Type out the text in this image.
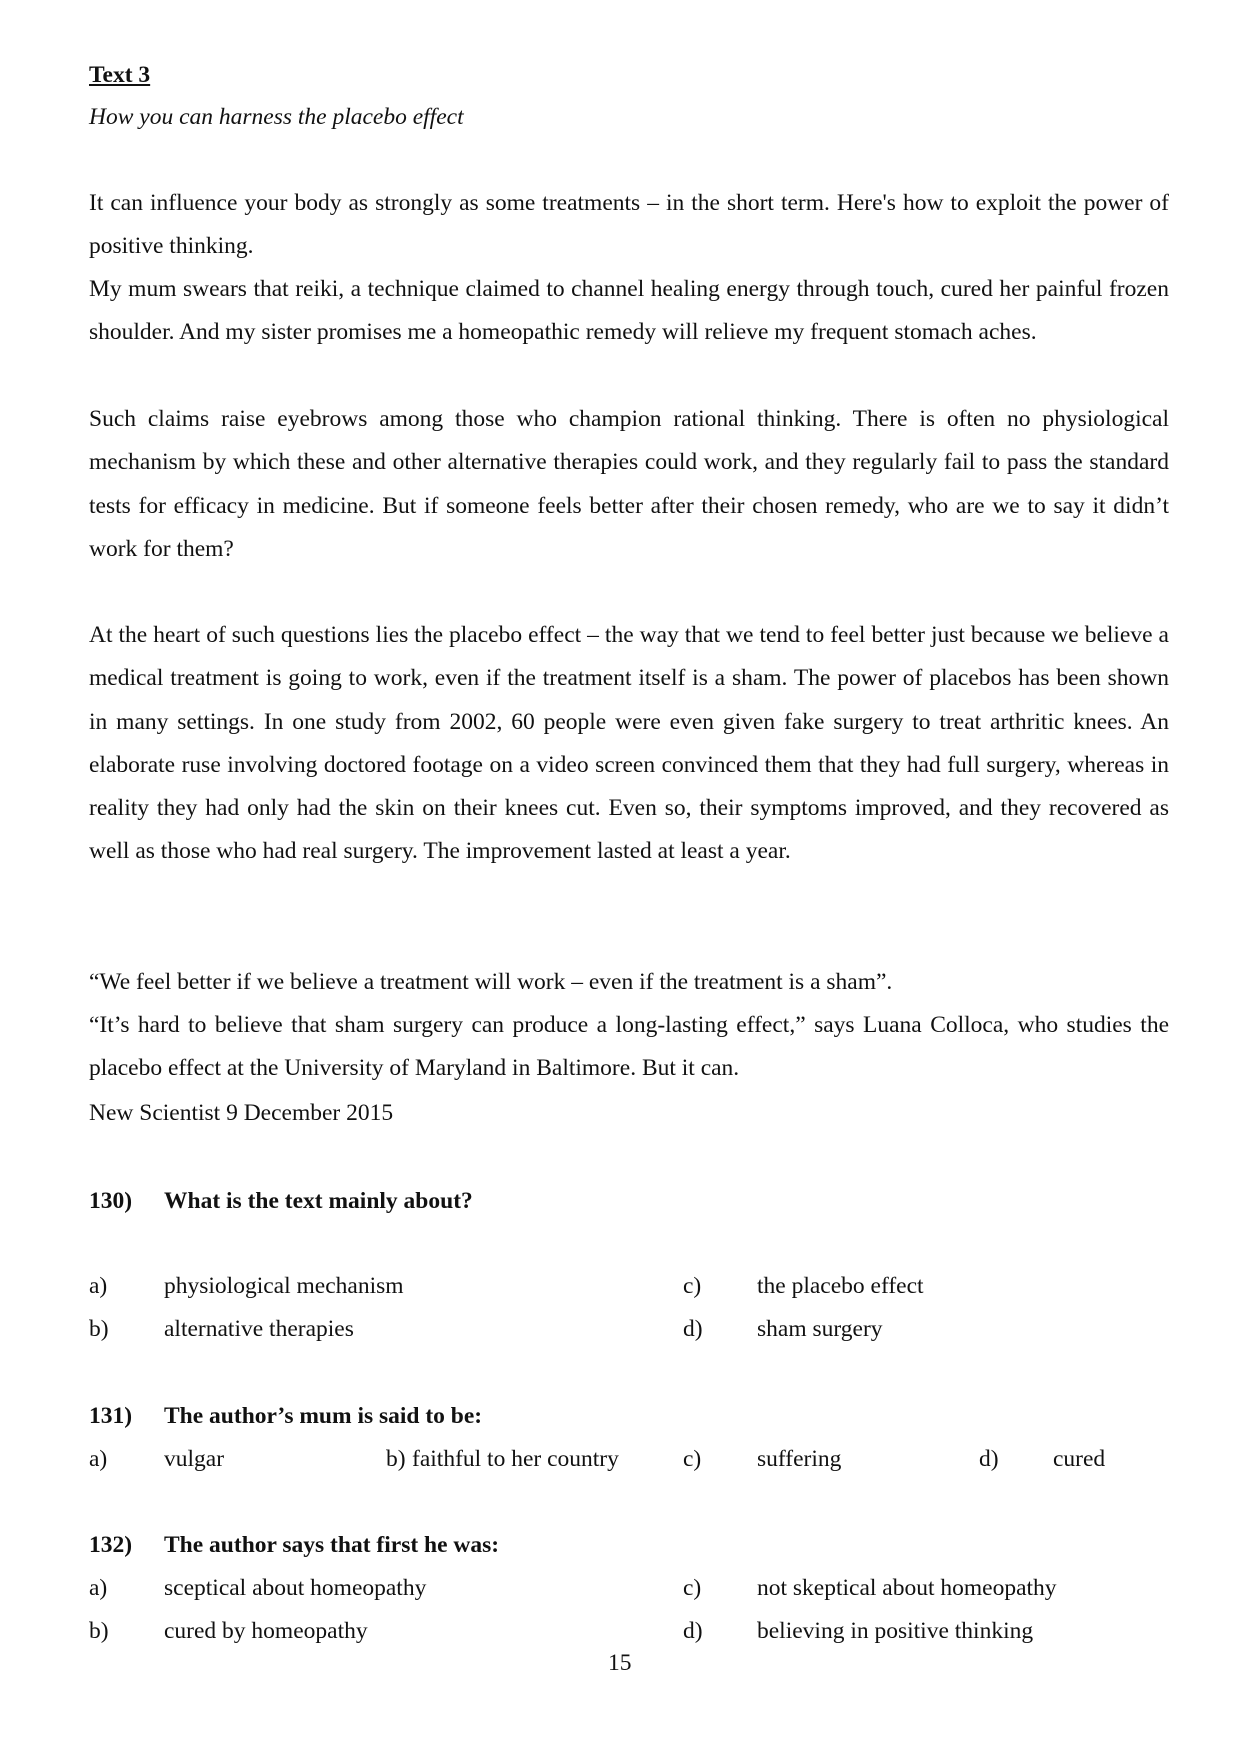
Text 3
How you can harness the placebo effect

It can influence your body as strongly as some treatments – in the short term. Here's how to exploit the power of positive thinking.

My mum swears that reiki, a technique claimed to channel healing energy through touch, cured her painful frozen shoulder. And my sister promises me a homeopathic remedy will relieve my frequent stomach aches.

Such claims raise eyebrows among those who champion rational thinking. There is often no physiological mechanism by which these and other alternative therapies could work, and they regularly fail to pass the standard tests for efficacy in medicine. But if someone feels better after their chosen remedy, who are we to say it didn’t work for them?

At the heart of such questions lies the placebo effect – the way that we tend to feel better just because we believe a medical treatment is going to work, even if the treatment itself is a sham. The power of placebos has been shown in many settings. In one study from 2002, 60 people were even given fake surgery to treat arthritic knees. An elaborate ruse involving doctored footage on a video screen convinced them that they had full surgery, whereas in reality they had only had the skin on their knees cut. Even so, their symptoms improved, and they recovered as well as those who had real surgery. The improvement lasted at least a year.

“We feel better if we believe a treatment will work – even if the treatment is a sham”.

“It’s hard to believe that sham surgery can produce a long-lasting effect,” says Luana Colloca, who studies the placebo effect at the University of Maryland in Baltimore. But it can.

New Scientist 9 December 2015
130) What is the text mainly about?
a) physiological mechanism	c) the placebo effect
b) alternative therapies	d) sham surgery
131) The author’s mum is said to be:
a) vulgar	b) faithful to her country	c) suffering	d) cured
132) The author says that first he was:
a) sceptical about homeopathy	c) not skeptical about homeopathy
b) cured by homeopathy	d) believing in positive thinking
15
